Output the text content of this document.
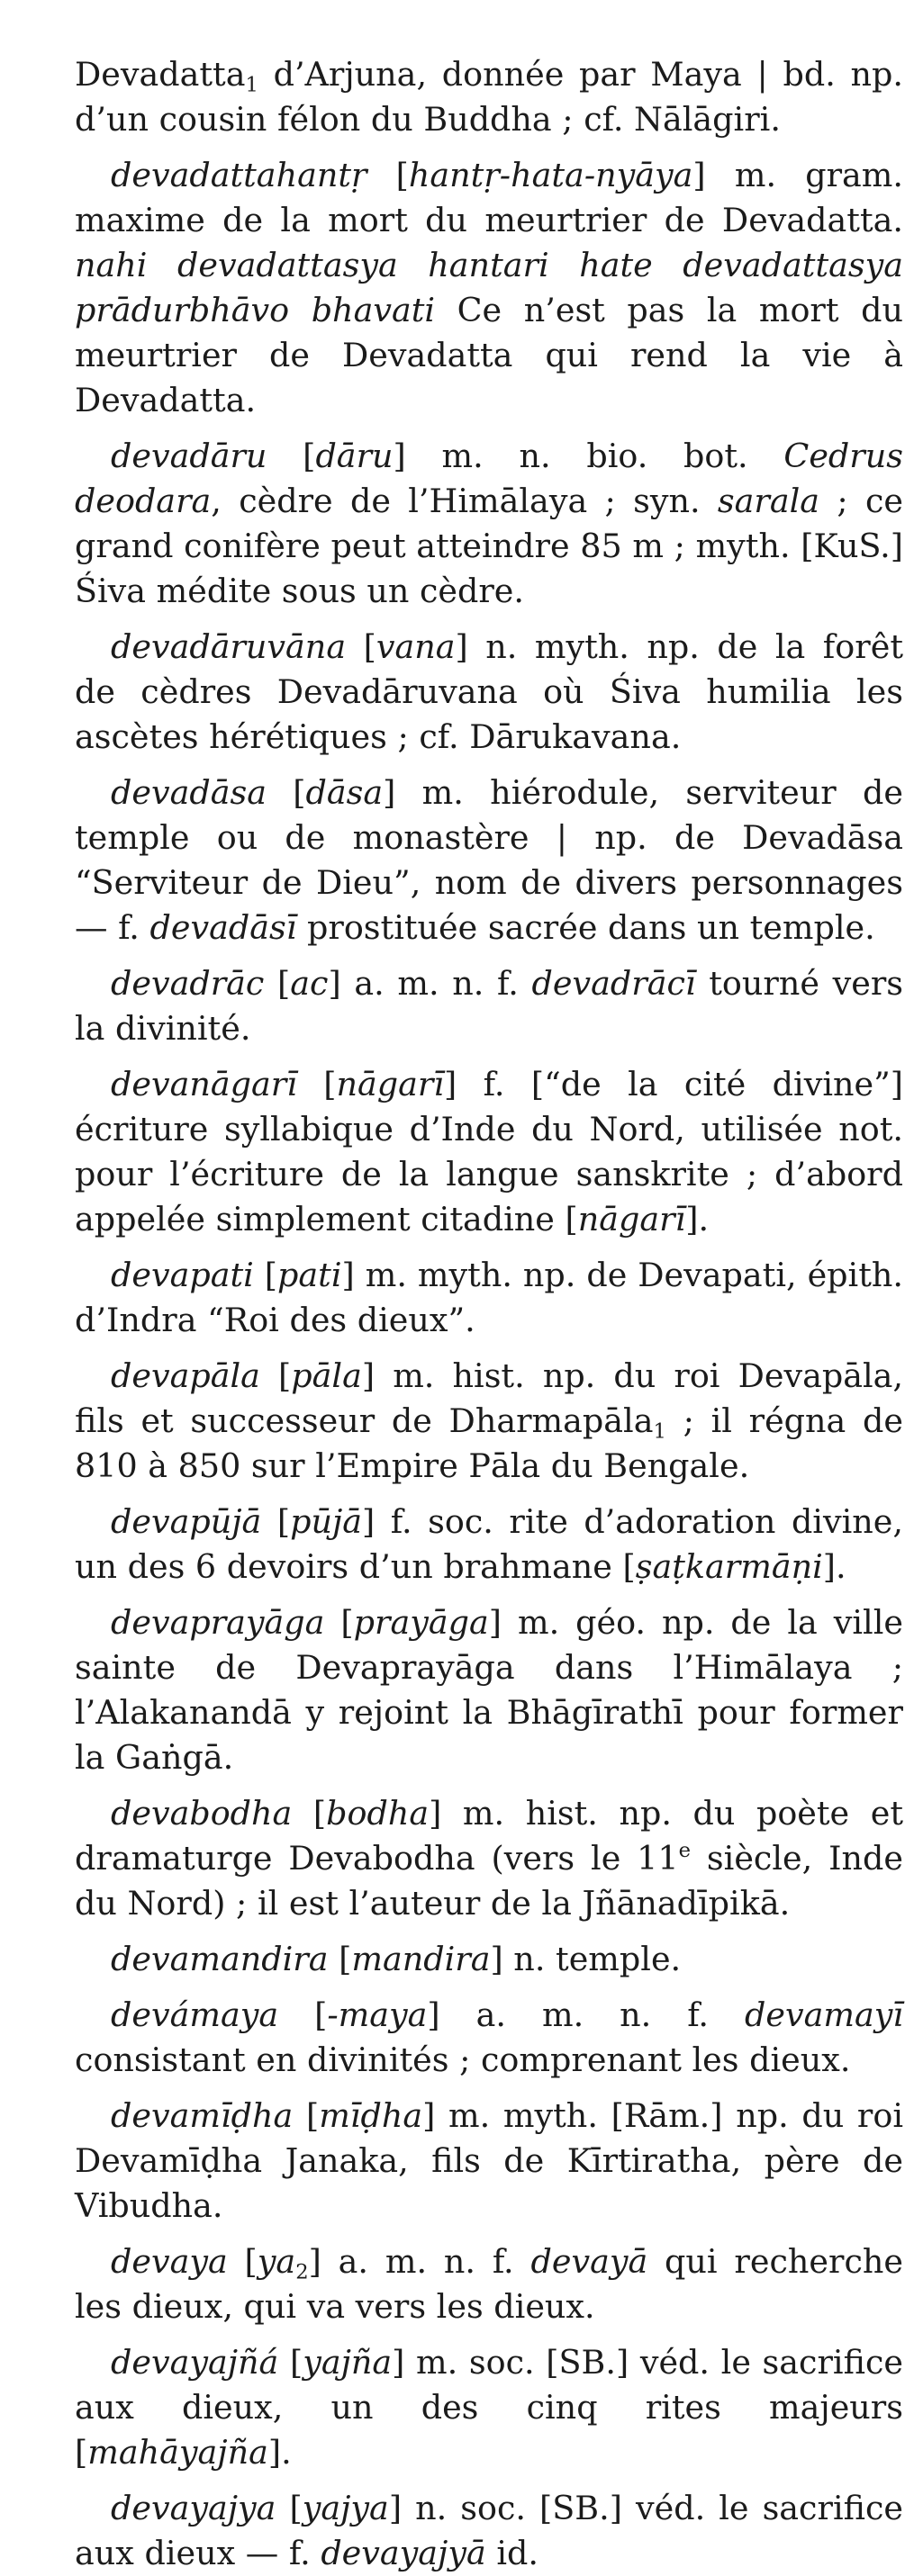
Devadatta$_1$ d’Arjuna, donnée par Maya | bd. np. d’un cousin félon du Buddha ; cf. Nālāgiri.

devadattahantṛ [hantṛ-hata-nyāya] m. gram. maxime de la mort du meurtrier de Devadatta. nahi devadattasya hantari hate devadattasya prādurbhāvo bhavati Ce n’est pas la mort du meurtrier de Devadatta qui rend la vie à Devadatta.

devadāru [dāru] m. n. bio. bot. Cedrus deodara, cèdre de l’Himālaya ; syn. sarala ; ce grand conifère peut atteindre 85 m ; myth. [KuS.] Śiva médite sous un cèdre.

devadāruvāna [vana] n. myth. np. de la forêt de cèdres Devadāruvana où Śiva humilia les ascètes hérétiques ; cf. Dārukavana.

devadāsa [dāsa] m. hiérodule, serviteur de temple ou de monastère | np. de Devadāsa “Serviteur de Dieu”, nom de divers personnages — f. devadāsī prostituée sacrée dans un temple.

devadrāc [ac] a. m. n. f. devadrācī tourné vers la divinité.

devanāgarī [nāgarī] f. [“de la cité divine”] écriture syllabique d’Inde du Nord, utilisée not. pour l’écriture de la langue sanskrite ; d’abord appelée simplement citadine [nāgarī].

devapati [pati] m. myth. np. de Devapati, épith. d’Indra “Roi des dieux”.

devapāla [pāla] m. hist. np. du roi Devapāla, fils et successeur de Dharmapāla$_1$ ; il régna de 810 à 850 sur l’Empire Pāla du Bengale.

devapūjā [pūjā] f. soc. rite d’adoration divine, un des 6 devoirs d’un brahmane [ṣaṭkarmāṇi].

devaprayāga [prayāga] m. géo. np. de la ville sainte de Devaprayāga dans l’Himālaya ; l’Alakanandā y rejoint la Bhāgīrathī pour former la Gaṅgā.

devabodha [bodha] m. hist. np. du poète et dramaturge Devabodha (vers le 11e siècle, Inde du Nord) ; il est l’auteur de la Jñānadīpikā.

devamandira [mandira] n. temple.

devámaya [-maya] a. m. n. f. devamayī consistant en divinités ; comprenant les dieux.

devamīḍha [mīḍha] m. myth. [Rām.] np. du roi Devamīḍha Janaka, fils de Kīrtiratha, père de Vibudha.

devaya $[ya_2]$ a. m. n. f. devayā qui recherche les dieux, qui va vers les dieux.

devayajñá [yajña] m. soc. [SB.] véd. le sacrifice aux dieux, un des cinq rites majeurs [mahāyajña].

devayajya [yajya] n. soc. [SB.] véd. le sacrifice aux dieux — f. devayajyā id.
